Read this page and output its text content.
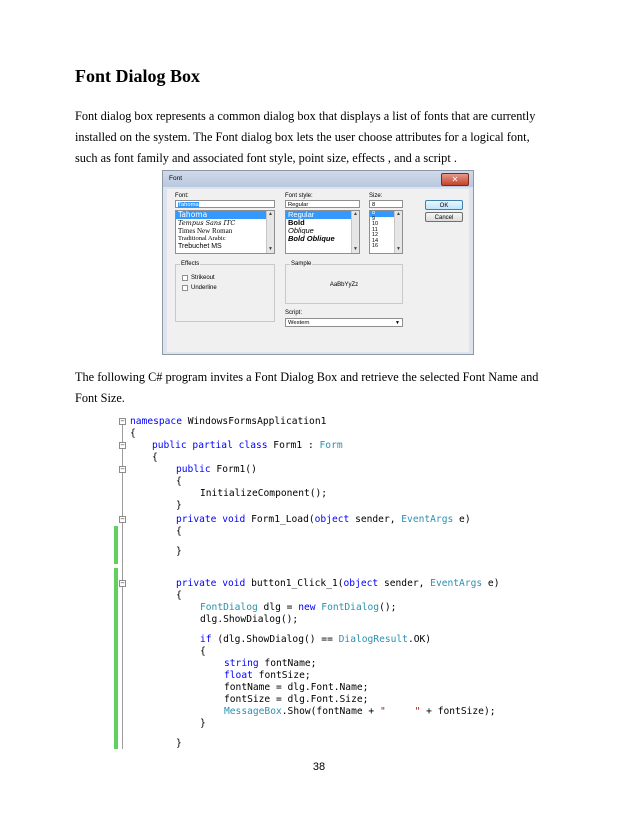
Font Dialog Box
Font dialog box represents a common dialog box that displays a list of fonts that are currently
installed on the system. The Font dialog box lets the user choose attributes for a logical font,
such as font family and associated font style, point size, effects , and a script .
Font	✕
Font:
Tahoma
Tahoma
Tempus Sans ITC
Times New Roman
Traditional Arabic
Trebuchet MS
▲
▼
Font style:
Regular
Regular
Bold
Oblique
Bold Oblique
▲
▼
Size:
8
8
9
10
11
12
14
16
▲
▼
OK
Cancel
Effects
Strikeout
Underline
Sample
AaBbYyZz
Script:
Western	▼
The following C# program invites a Font Dialog Box and retrieve the selected Font Name and
Font Size.
−
−
−
−
−
namespace WindowsFormsApplication1
{
public partial class Form1 : Form
{
public Form1()
{
InitializeComponent();
}
private void Form1_Load(object sender, EventArgs e)
{
}
private void button1_Click_1(object sender, EventArgs e)
{
FontDialog dlg = new FontDialog();
dlg.ShowDialog();
if (dlg.ShowDialog() == DialogResult.OK)
{
string fontName;
float fontSize;
fontName = dlg.Font.Name;
fontSize = dlg.Font.Size;
MessageBox.Show(fontName + "     " + fontSize);
}
}
38
